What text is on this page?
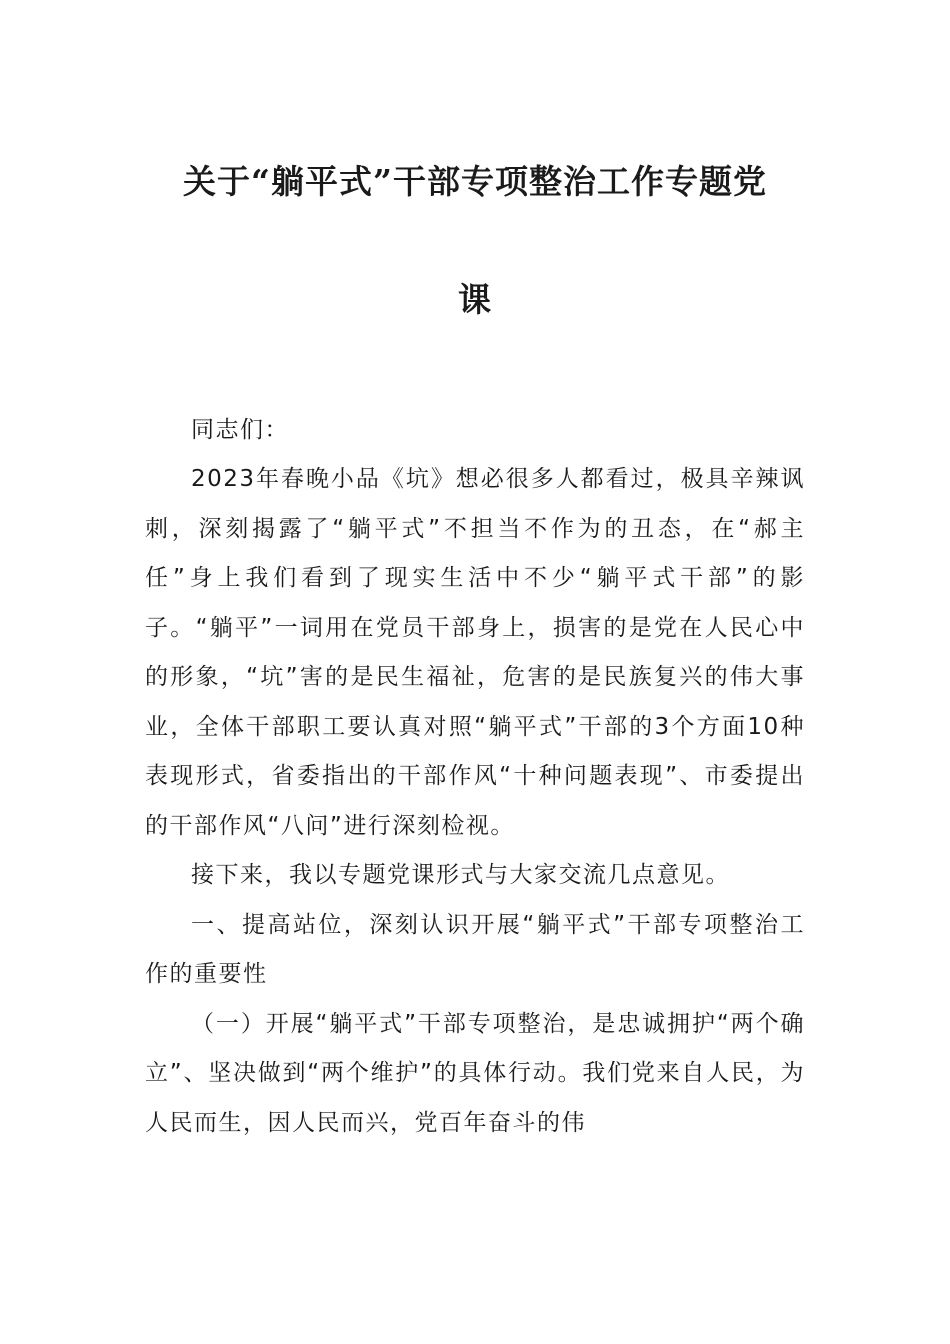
关于“躺平式”干部专项整治工作专题党
课

同志们：

2023年春晚小品《坑》想必很多人都看过，极具辛辣讽刺，深刻揭露了“躺平式”不担当不作为的丑态，在“郝主任”身上我们看到了现实生活中不少“躺平式干部”的影子。“躺平”一词用在党员干部身上，损害的是党在人民心中的形象，“坑”害的是民生福祉，危害的是民族复兴的伟大事业，全体干部职工要认真对照“躺平式”干部的3个方面10种表现形式，省委指出的干部作风“十种问题表现”、市委提出的干部作风“八问”进行深刻检视。

接下来，我以专题党课形式与大家交流几点意见。

一、提高站位，深刻认识开展“躺平式”干部专项整治工作的重要性

（一）开展“躺平式”干部专项整治，是忠诚拥护“两个确立”、坚决做到“两个维护”的具体行动。我们党来自人民，为人民而生，因人民而兴，党百年奋斗的伟
